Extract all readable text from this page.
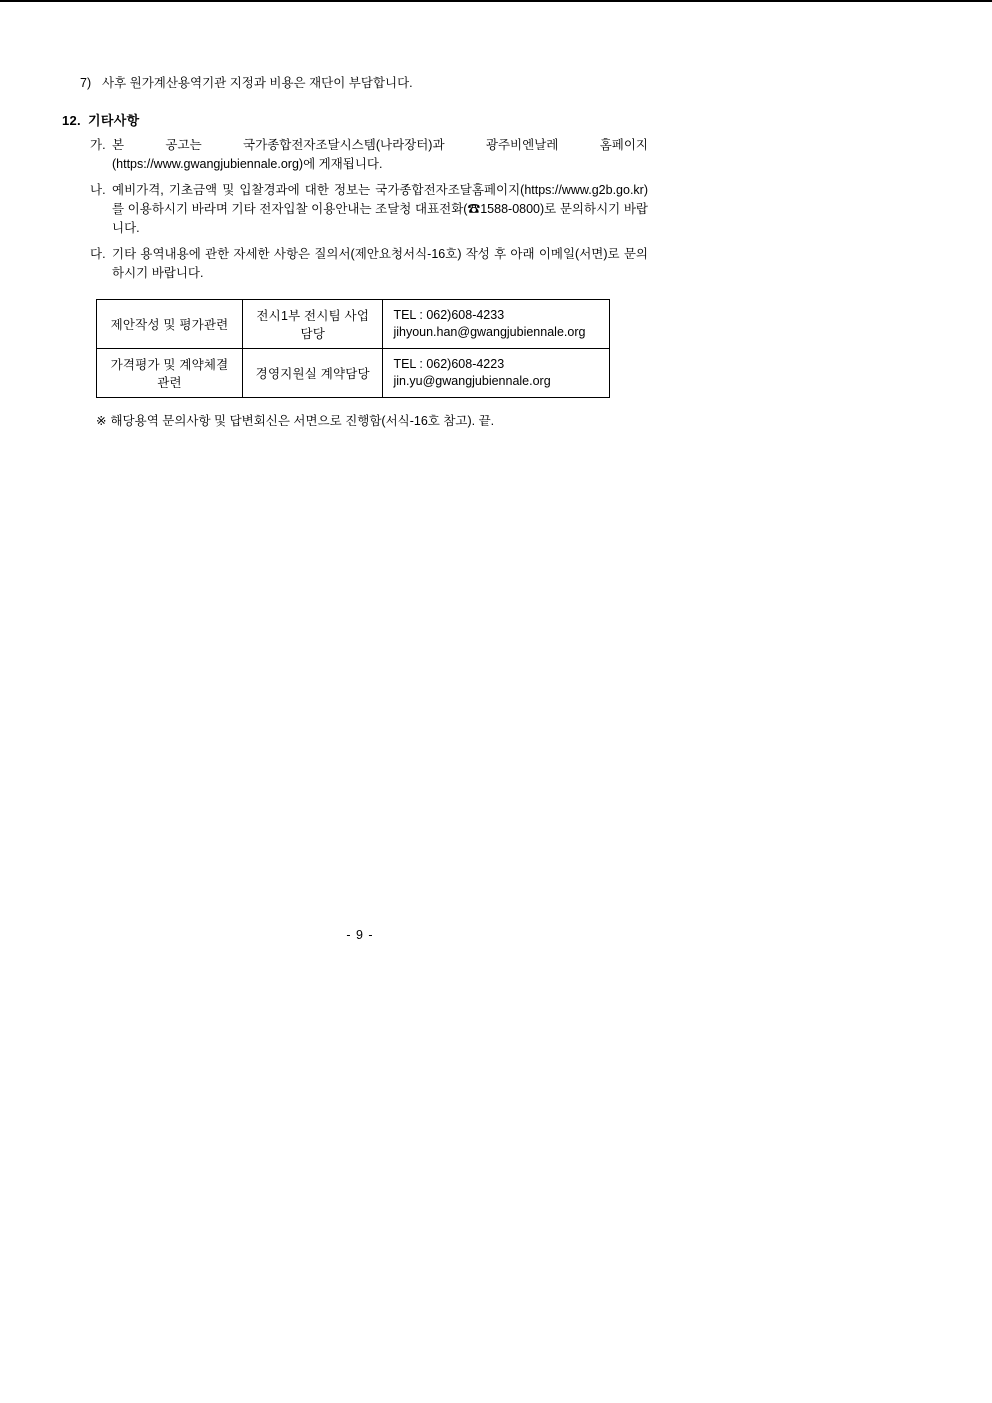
7) 사후 원가계산용역기관 지정과 비용은 재단이 부담합니다.
12. 기타사항
가. 본 공고는 국가종합전자조달시스템(나라장터)과 광주비엔날레 홈페이지(https://www.gwangjubiennale.org)에 게재됩니다.

나. 예비가격, 기초금액 및 입찰경과에 대한 정보는 국가종합전자조달홈페이지(https://www.g2b.go.kr)를 이용하시기 바라며 기타 전자입찰 이용안내는 조달청 대표전화(☎1588-0800)로 문의하시기 바랍니다.

다. 기타 용역내용에 관한 자세한 사항은 질의서(제안요청서식-16호) 작성 후 아래 이메일(서면)로 문의하시기 바랍니다.

제안작성 및 평가관련	전시1부 전시팀 사업담당	TEL : 062)608-4233
jihyoun.han@gwangjubiennale.org

가격평가 및 계약체결 관련	경영지원실 계약담당	TEL : 062)608-4223
jin.yu@gwangjubiennale.org
※ 해당용역 문의사항 및 답변회신은 서면으로 진행함(서식-16호 참고). 끝.
- 9 -
